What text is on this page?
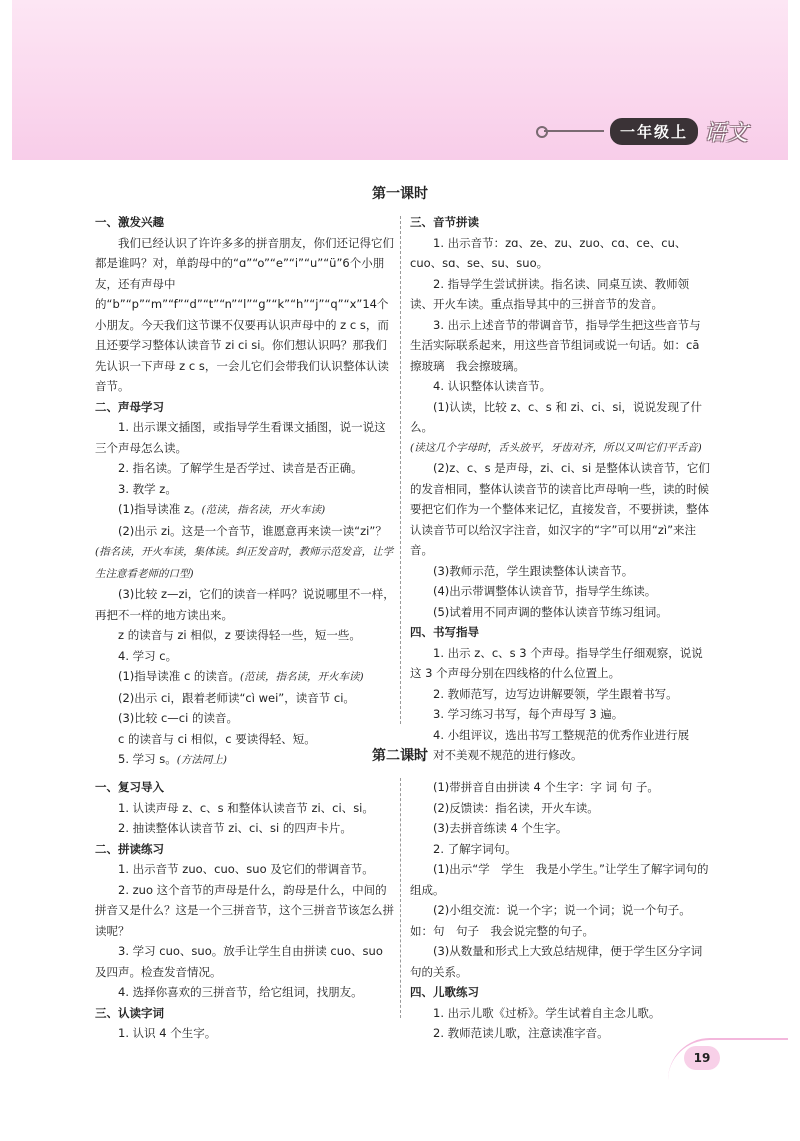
一年级上 语文
第一课时

一、激发兴趣

我们已经认识了许许多多的拼音朋友，你们还记得它们都是谁吗？对，单韵母中的“ɑ”“o”“e”“i”“u”“ü”6个小朋友，还有声母中的“b”“p”“m”“f”“d”“t”“n”“l”“g”“k”“h”“j”“q”“x”14个小朋友。今天我们这节课不仅要再认识声母中的 z c s，而且还要学习整体认读音节 zi ci si。你们想认识吗？那我们先认识一下声母 z c s，一会儿它们会带我们认识整体认读音节。

二、声母学习

1. 出示课文插图，或指导学生看课文插图，说一说这三个声母怎么读。

2. 指名读。了解学生是否学过、读音是否正确。

3. 教学 z。

(1)指导读准 z。(范读，指名读，开火车读)

(2)出示 zi。这是一个音节，谁愿意再来读一读“zi”？(指名读，开火车读，集体读。纠正发音时，教师示范发音，让学生注意看老师的口型)

(3)比较 z—zi，它们的读音一样吗？说说哪里不一样，再把不一样的地方读出来。

z 的读音与 zi 相似，z 要读得轻一些，短一些。

4. 学习 c。

(1)指导读准 c 的读音。(范读，指名读，开火车读)

(2)出示 ci，跟着老师读“cì wei”，读音节 ci。

(3)比较 c—ci 的读音。

c 的读音与 ci 相似，c 要读得轻、短。

5. 学习 s。(方法同上)

三、音节拼读

1. 出示音节：zɑ、ze、zu、zuo、cɑ、ce、cu、cuo、sɑ、se、su、suo。

2. 指导学生尝试拼读。指名读、同桌互读、教师领读、开火车读。重点指导其中的三拼音节的发音。

3. 出示上述音节的带调音节，指导学生把这些音节与生活实际联系起来，用这些音节组词或说一句话。如：cā 擦玻璃　我会擦玻璃。

4. 认识整体认读音节。

(1)认读，比较 z、c、s 和 zi、ci、si，说说发现了什么。

(读这几个字母时，舌头放平，牙齿对齐，所以又叫它们平舌音)

(2)z、c、s 是声母，zi、ci、si 是整体认读音节，它们的发音相同，整体认读音节的读音比声母响一些，读的时候要把它们作为一个整体来记忆，直接发音，不要拼读，整体认读音节可以给汉字注音，如汉字的“字”可以用“zì”来注音。

(3)教师示范，学生跟读整体认读音节。

(4)出示带调整体认读音节，指导学生练读。

(5)试着用不同声调的整体认读音节练习组词。

四、书写指导

1. 出示 z、c、s 3 个声母。指导学生仔细观察，说说这 3 个声母分别在四线格的什么位置上。

2. 教师范写，边写边讲解要领，学生跟着书写。

3. 学习练习书写，每个声母写 3 遍。

4. 小组评议，选出书写工整规范的优秀作业进行展示，对不美观不规范的进行修改。

第二课时

一、复习导入

1. 认读声母 z、c、s 和整体认读音节 zi、ci、si。

2. 抽读整体认读音节 zi、ci、si 的四声卡片。

二、拼读练习

1. 出示音节 zuo、cuo、suo 及它们的带调音节。

2. zuo 这个音节的声母是什么，韵母是什么，中间的拼音又是什么？这是一个三拼音节，这个三拼音节该怎么拼读呢？

3. 学习 cuo、suo。放手让学生自由拼读 cuo、suo 及四声。检查发音情况。

4. 选择你喜欢的三拼音节，给它组词，找朋友。

三、认读字词

1. 认识 4 个生字。

(1)带拼音自由拼读 4 个生字：字 词 句 子。

(2)反馈读：指名读，开火车读。

(3)去拼音练读 4 个生字。

2. 了解字词句。

(1)出示“学　学生　我是小学生。”让学生了解字词句的组成。

(2)小组交流：说一个字；说一个词；说一个句子。如：句　句子　我会说完整的句子。

(3)从数量和形式上大致总结规律，便于学生区分字词句的关系。

四、儿歌练习

1. 出示儿歌《过桥》。学生试着自主念儿歌。

2. 教师范读儿歌，注意读准字音。

19
